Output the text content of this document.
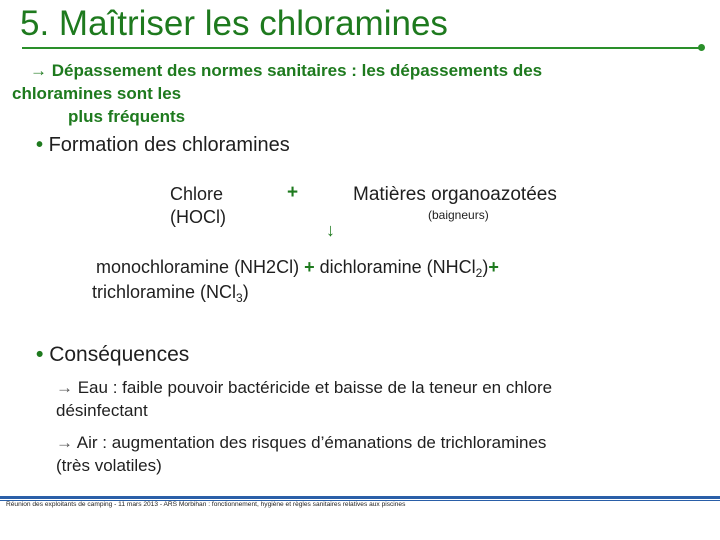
5. Maîtriser les chloramines
→ Dépassement des normes sanitaires : les dépassements des
chloramines sont les
plus fréquents
• Formation des chloramines
Chlore
(HOCl)
+	Matières organoazotées
(baigneurs)
↓
monochloramine (NH2Cl) + dichloramine (NHCl$_2$)+
trichloramine (NCl$_3$)
• Conséquences
→ Eau : faible pouvoir bactéricide et baisse de la teneur en chlore
désinfectant
→ Air : augmentation des risques d’émanations de trichloramines
(très volatiles)
Réunion des exploitants de camping - 11 mars 2013 - ARS Morbihan : fonctionnement, hygiène et règles sanitaires relatives aux piscines
